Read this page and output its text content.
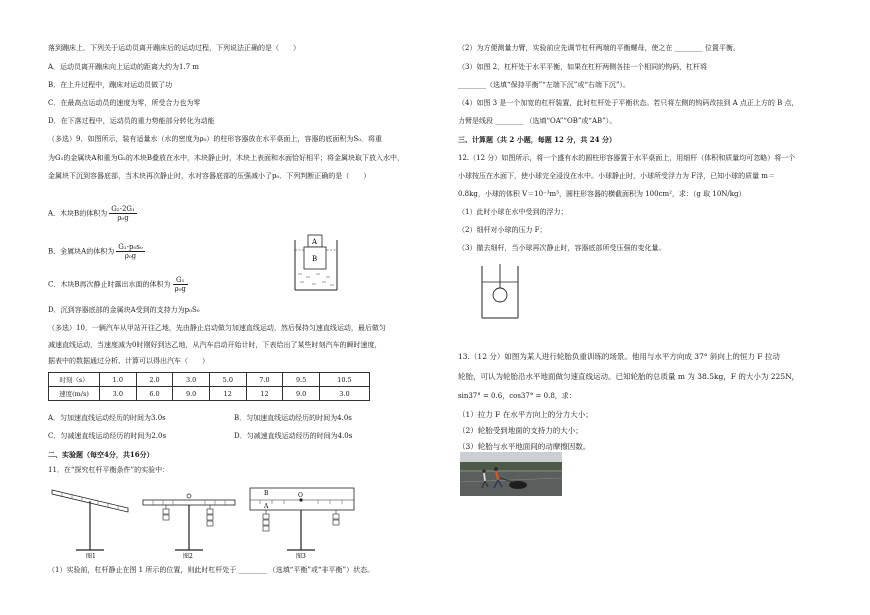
落到蹦床上．下列关于运动员离开蹦床后的运动过程，下列说法正确的是（　　）
A．运动员离开蹦床向上运动的距离大约为1.7 m
B．在上升过程中，蹦床对运动员做了功
C．在最高点运动员的速度为零，所受合力也为零
D．在下落过程中，运动员的重力势能部分转化为动能
（多选）9．如图所示，装有适量水（水的密度为ρ₀）的柱形容器放在水平桌面上，容器的底面积为S₀．将重
为G₁的金属块A和重为G₂的木块B叠放在水中，木块静止时，木块上表面和水面恰好相平；将金属块取下放入水中，
金属块下沉到容器底部，当木块再次静止时，水对容器底部的压强减小了p₀．下列判断正确的是（　　）
A．木块B的体积为 $\frac{\text{G₂-2G₁}}{\text{ρ₀g}}$
B．金属块A的体积为 $\frac{\text{G₁-p₀s₀}}{\text{ρ₀g}}$
C．木块B再次静止时露出水面的体积为 $\frac{\text{G₁}}{\text{ρ₀g}}$
D．沉到容器底部的金属块A受到的支持力为p₀S₀
（多选）10．一辆汽车从甲站开往乙地，先由静止启动做匀加速直线运动，然后保持匀速直线运动，最后做匀
减速直线运动，当速度减为0时刚好到达乙地，从汽车启动开始计时，下表给出了某些时刻汽车的瞬时速度，
据表中的数据通过分析、计算可以得出汽车（　　）
时刻（s）	1.0	2.0	3.0	5.0	7.0	9.5	10.5
速度(m/s)	3.0	6.0	9.0	12	12	9.0	3.0
A．匀加速直线运动经历的时间为3.0s	B．匀加速直线运动经历的时间为4.0s
C．匀减速直线运动经历的时间为2.0s	D．匀减速直线运动经历的时间为4.0s
二、实验题（每空4分，共16分）
11．在“探究杠杆平衡条件”的实验中：
（1）实验前，杠杆静止在图 1 所示的位置，则此时杠杆处于 ________ （选填“平衡”或“非平衡”）状态。
A
B
图1	图2
B	O
A
图3
（2）为方便测量力臂，实验前应先调节杠杆两端的平衡螺母，使之在 ________ 位置平衡。
（3）如图 2，杠杆处于水平平衡，如果在杠杆两侧各挂一个相同的钩码，杠杆将
________（选填“保持平衡”“左端下沉”或“右端下沉”）。
（4）如图 3 是一个加宽的杠杆装置，此时杠杆处于平衡状态。若只将左侧的钩码改挂到 A 点正上方的 B 点，
力臂是线段 ________ （选填“OA”“OB”或“AB”）。
三、计算题（共 2 小题，每题 12 分，共 24 分）
12.（12 分）如图所示，将一个盛有水的圆柱形容器置于水平桌面上，用细杆（体积和质量均可忽略）将一个
小球按压在水面下，使小球完全浸没在水中。小球静止时，小球所受浮力为 F浮，已知小球的质量 m＝
0.8kg，小球的体积 V＝10⁻³m³，圆柱形容器的横截面积为 100cm²，求：（g 取 10N/kg）
（1）此时小球在水中受到的浮力；
（2）细杆对小球的压力 F；
（3）撤去细杆，当小球再次静止时，容器底部所受压强的变化量。
13.（12 分）如图为某人进行轮胎负重训练的场景。他用与水平方向成 37° 斜向上的恒力 F 拉动
轮胎，可认为轮胎沿水平地面做匀速直线运动。已知轮胎的总质量 m 为 38.5kg，F 的大小为 225N，
sin37° = 0.6，cos37° = 0.8，求：
（1）拉力 F 在水平方向上的分力大小；
（2）轮胎受到地面的支持力的大小；
（3）轮胎与水平地面间的动摩擦因数。
